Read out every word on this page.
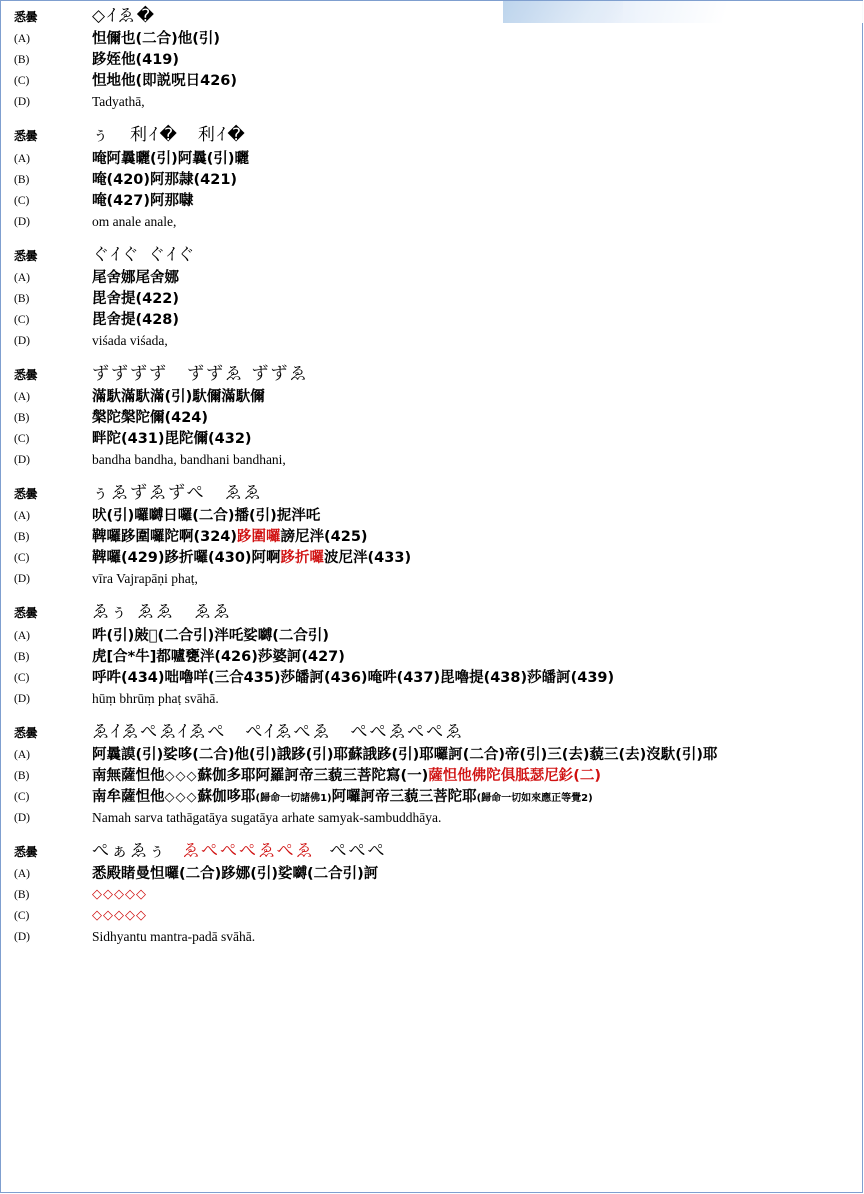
悉曇	◇ｲゑ�
(A)	怛儞也(二合)他(引)
(B)	跢姪他(419)
(C)	怛地他(即説呪日426)
(D)	Tadyathā,
悉曇	ぅ　利ｲ�　利ｲ�
(A)	唵阿曩曬(引)阿曩(引)曬
(B)	唵(420)阿那隷(421)
(C)	唵(427)阿那㘑
(D)	om anale anale,
悉曇	ぐｲぐ ぐｲぐ
(A)	尾舍娜尾舍娜
(B)	毘舍提(422)
(C)	毘舍提(428)
(D)	viśada viśada,
悉曇	ずずずず　ずずゑ ずずゑ
(A)	滿馱滿馱滿(引)馱儞滿馱儞
(B)	槃陀槃陀儞(424)
(C)	畔陀(431)毘陀儞(432)
(D)	bandha bandha, bandhani bandhani,
悉曇	ぅゑずゑずぺ　ゑゑ
(A)	吠(引)囉嚩日囉(二合)播(引)抳泮吒
(B)	鞞囉跢圍囉陀啊(324)跢圍囉謗尼泮(425)
(C)	鞞囉(429)跢折囉(430)阿啊跢折囉波尼泮(433)
(D)	vīra Vajrapāṇi phaṭ,
悉曇	ゑぅ ゑゑ　ゑゑ
(A)	吽(引)㪐𡁠(二合引)泮吒娑嚩(二合引)
(B)	虎[合*牛]都嚧甕泮(426)莎婆訶(427)
(C)	呼吽(434)咄嚕咩(三合435)莎皤訶(436)唵吽(437)毘嚕提(438)莎皤訶(439)
(D)	hūṃ bhrūṃ phaṭ svāhā.
悉曇	ゑｲゑぺゑｲゑぺ　ぺｲゑぺゑ　ぺぺゑぺぺゑ
(A)	阿曩謨(引)娑哆(二合)他(引)誐跢(引)耶蘇誐跢(引)耶囉訶(二合)帝(引)三(去)藐三(去)沒馱(引)耶
(B)	南無薩怛他◇◇◇蘇伽多耶阿羅訶帝三藐三菩陀寫(一)薩怛他佛陀俱胝瑟尼釤(二)
(C)	南牟薩怛他◇◇◇蘇伽哆耶(歸命一切諸佛1)阿囉訶帝三藐三菩陀耶(歸命一切如來應正等覺2)
(D)	Namah sarva tathāgatāya sugatāya arhate samyak-sambuddhāya.
悉曇	ぺぁゑぅ  ゑぺぺぺゑぺゑ  ぺぺぺ
(A)	悉殿睹曼怛囉(二合)跢娜(引)娑嚩(二合引)訶
(B)	◇◇◇◇◇
(C)	◇◇◇◇◇
(D)	Sidhyantu mantra-padā svāhā.
